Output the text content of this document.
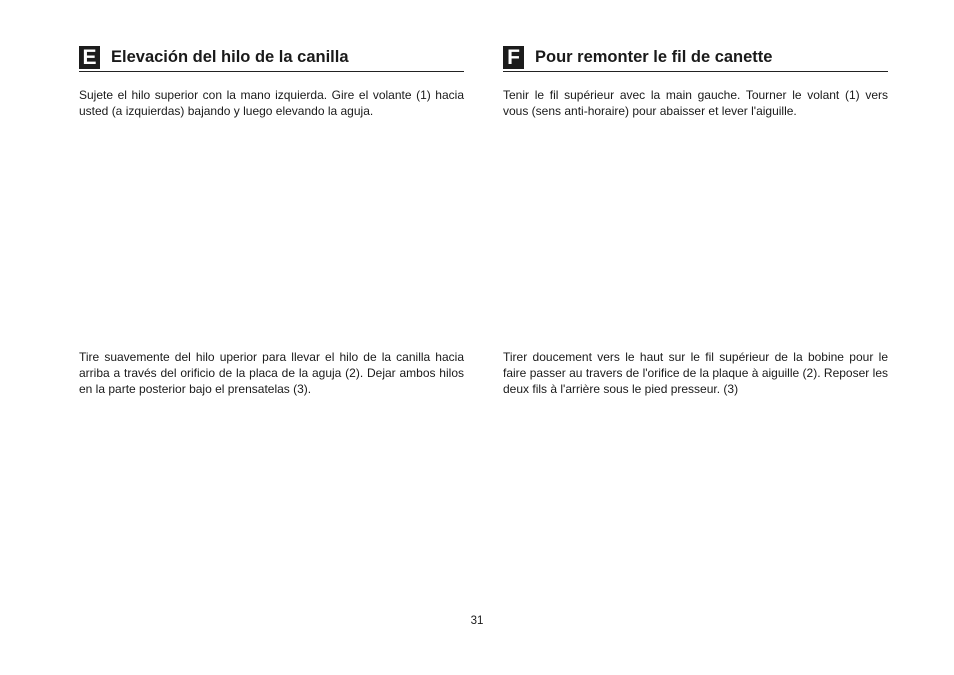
E Elevación del hilo de la canilla

Sujete el hilo superior con la mano izquierda. Gire el volante (1) hacia usted (a izquierdas) bajando y luego elevando la aguja.

Tire suavemente del hilo uperior para llevar el hilo de la canilla hacia arriba a través del orificio de la placa de la aguja (2). Dejar ambos hilos en la parte posterior bajo el prensatelas (3).

F Pour remonter le fil de canette

Tenir le fil supérieur avec la main gauche. Tourner le volant (1) vers vous (sens anti-horaire) pour abaisser et lever l'aiguille.

Tirer doucement vers le haut sur le fil supérieur de la bobine pour le faire passer au travers de l'orifice de la plaque à aiguille (2). Reposer les deux fils à l'arrière sous le pied presseur. (3)

31
